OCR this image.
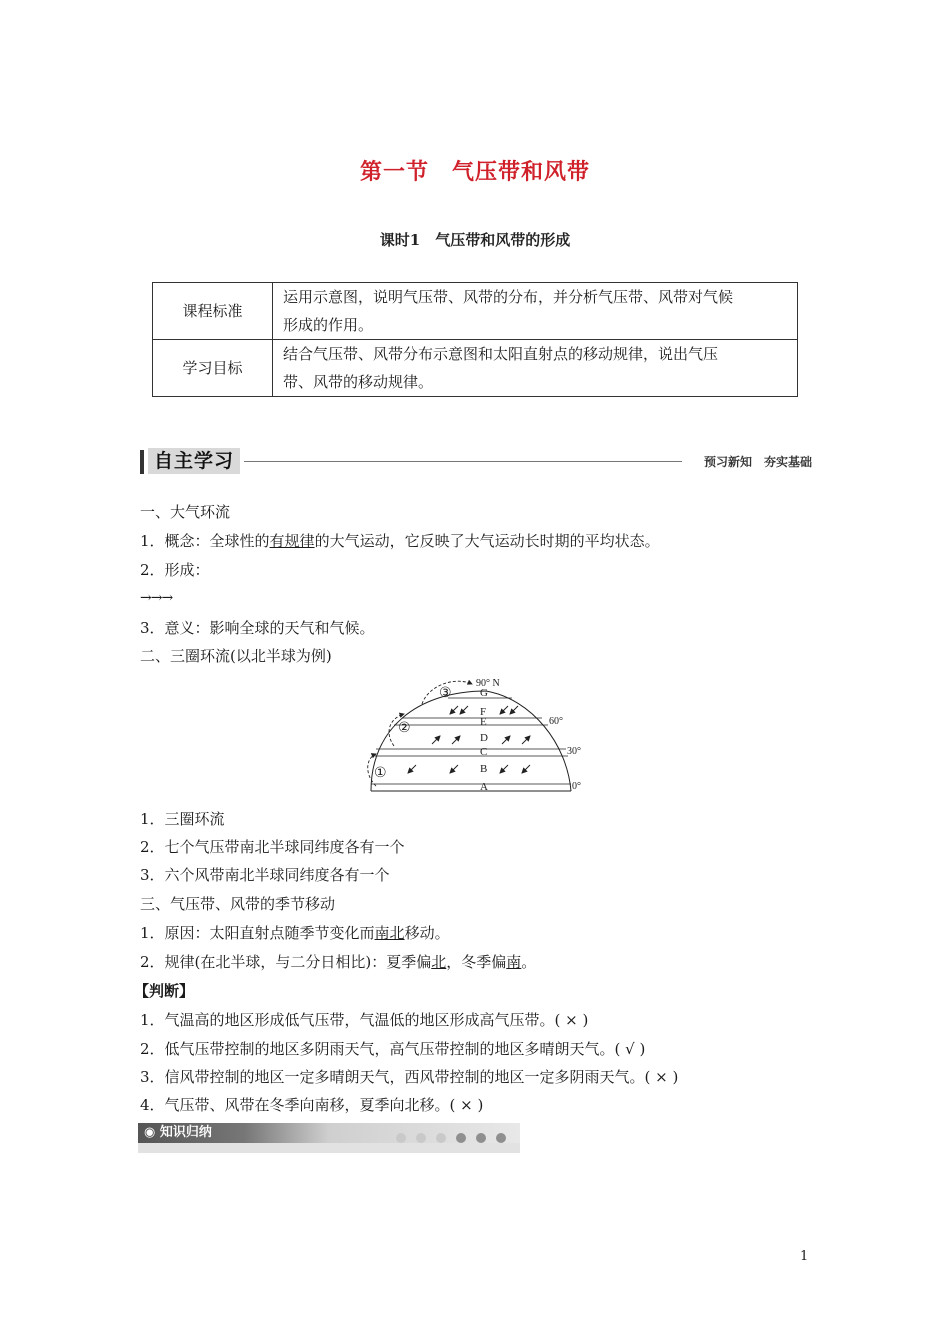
第一节　气压带和风带
课时1　气压带和风带的形成
课程标准	运用示意图，说明气压带、风带的分布，并分析气压带、风带对气候
形成的作用。

学习目标	结合气压带、风带分布示意图和太阳直射点的移动规律，说出气压
带、风带的移动规律。
自主学习	预习新知　夯实基础
一、大气环流
1．概念：全球性的有规律的大气运动，它反映了大气运动长时期的平均状态。
2．形成：
→→→
3．意义：影响全球的天气和气候。
二、三圈环流(以北半球为例)
90° N
60°
30°
0°
G
F
E
D
C
B
A
③
②
①
1．三圈环流
2．七个气压带南北半球同纬度各有一个
3．六个风带南北半球同纬度各有一个
三、气压带、风带的季节移动
1．原因：太阳直射点随季节变化而南北移动。
2．规律(在北半球，与二分日相比)：夏季偏北，冬季偏南。
【判断】
1．气温高的地区形成低气压带，气温低的地区形成高气压带。( × )
2．低气压带控制的地区多阴雨天气，高气压带控制的地区多晴朗天气。( √ )
3．信风带控制的地区一定多晴朗天气，西风带控制的地区一定多阴雨天气。( × )
4．气压带、风带在冬季向南移，夏季向北移。( × )
◉ 知识归纳
1
